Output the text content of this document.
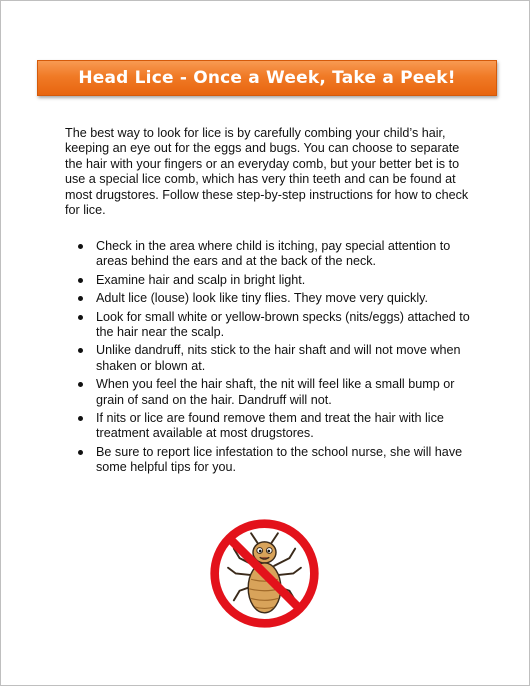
Head Lice - Once a Week, Take a Peek!

The best way to look for lice is by carefully combing your child’s hair, keeping an eye out for the eggs and bugs. You can choose to separate the hair with your fingers or an everyday comb, but your better bet is to use a special lice comb, which has very thin teeth and can be found at most drugstores. Follow these step-by-step instructions for how to check for lice.

Check in the area where child is itching, pay special attention to areas behind the ears and at the back of the neck.
Examine hair and scalp in bright light.
Adult lice (louse) look like tiny flies. They move very quickly.
Look for small white or yellow-brown specks (nits/eggs) attached to the hair near the scalp.
Unlike dandruff, nits stick to the hair shaft and will not move when shaken or blown at.
When you feel the hair shaft, the nit will feel like a small bump or grain of sand on the hair. Dandruff will not.
If nits or lice are found remove them and treat the hair with lice treatment available at most drugstores.
Be sure to report lice infestation to the school nurse, she will have some helpful tips for you.
